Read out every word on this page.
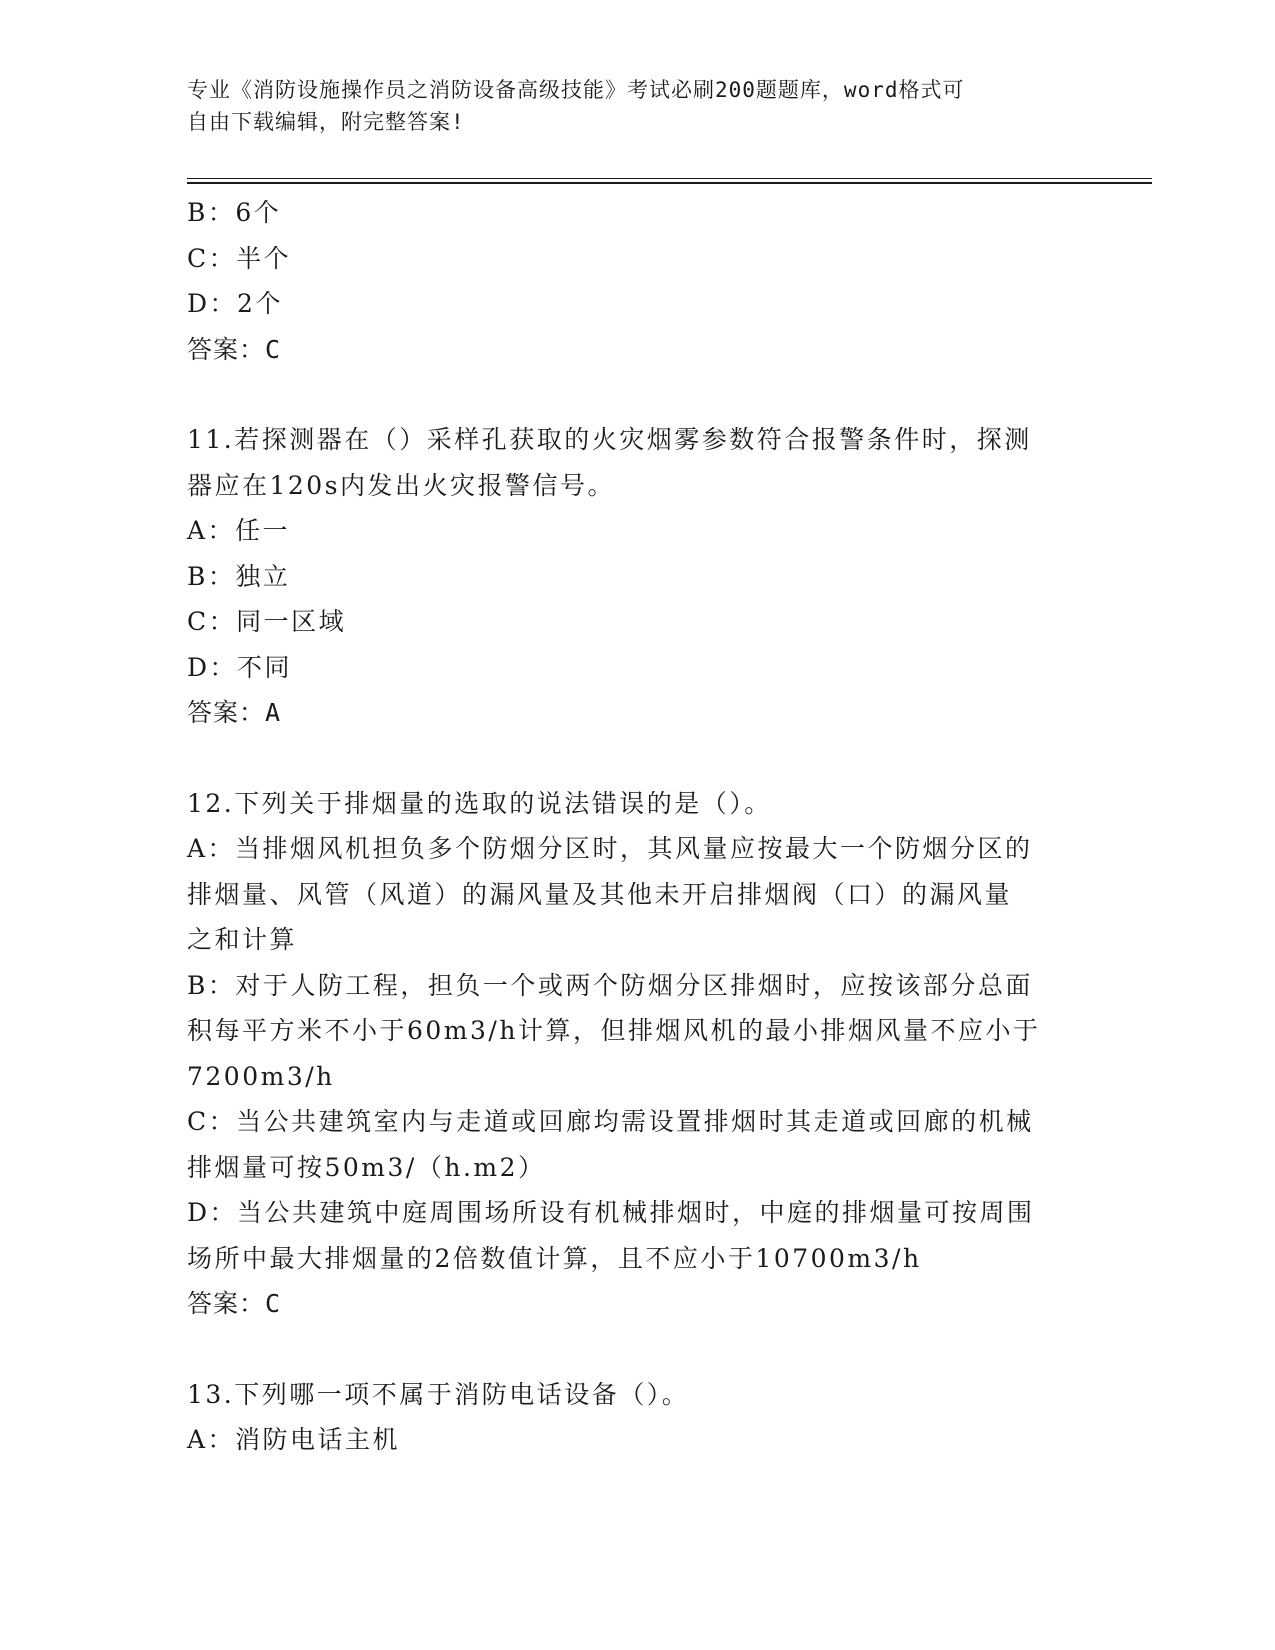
专业《消防设施操作员之消防设备高级技能》考试必刷200题题库，word格式可
自由下载编辑，附完整答案!
B：6个
C：半个
D：2个
答案：C
11.若探测器在（）采样孔获取的火灾烟雾参数符合报警条件时，探测
器应在120s内发出火灾报警信号。
A：任一
B：独立
C：同一区域
D：不同
答案：A
12.下列关于排烟量的选取的说法错误的是（）。
A：当排烟风机担负多个防烟分区时，其风量应按最大一个防烟分区的
排烟量、风管（风道）的漏风量及其他未开启排烟阀（口）的漏风量
之和计算
B：对于人防工程，担负一个或两个防烟分区排烟时，应按该部分总面
积每平方米不小于60m3/h计算，但排烟风机的最小排烟风量不应小于
7200m3/h
C：当公共建筑室内与走道或回廊均需设置排烟时其走道或回廊的机械
排烟量可按50m3/（h.m2）
D：当公共建筑中庭周围场所设有机械排烟时，中庭的排烟量可按周围
场所中最大排烟量的2倍数值计算，且不应小于10700m3/h
答案：C
13.下列哪一项不属于消防电话设备（）。
A：消防电话主机
